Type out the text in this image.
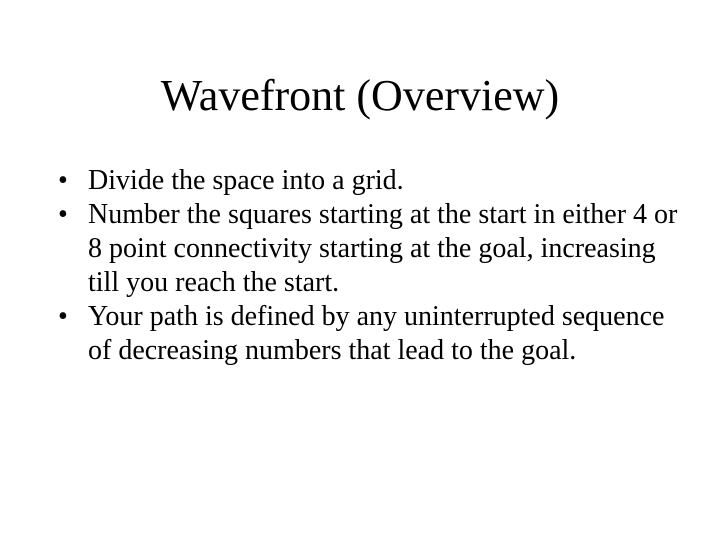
Wavefront (Overview)
• Divide the space into a grid.
• Number the squares starting at the start in either 4 or 8 point connectivity starting at the goal, increasing till you reach the start.
• Your path is defined by any uninterrupted sequence of decreasing numbers that lead to the goal.
